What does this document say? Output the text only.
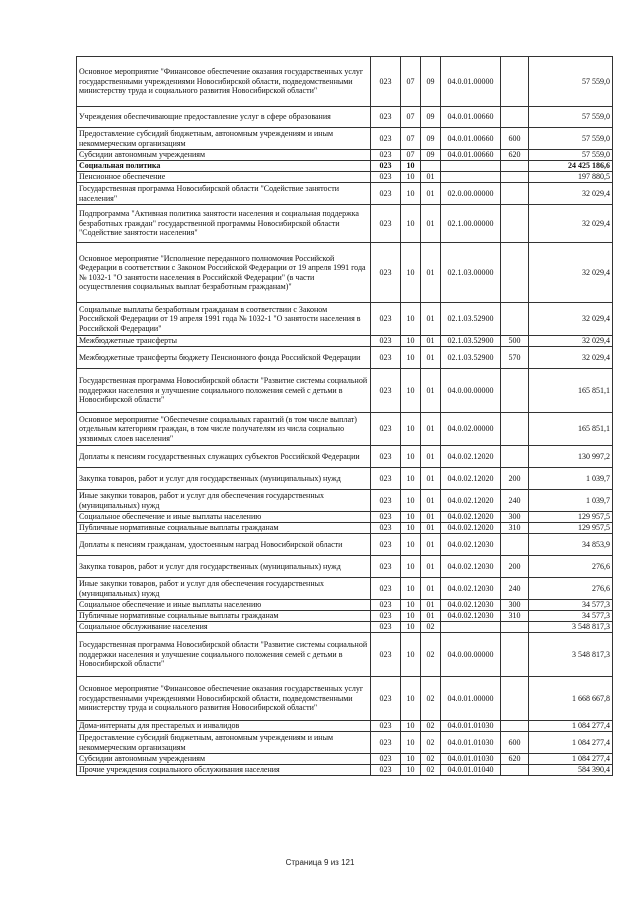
Основное мероприятие "Финансовое обеспечение оказания государственных услуг государственными учреждениями Новосибирской области, подведомственными министерству труда и социального развития Новосибирской области"	023	07	09	04.0.01.00000		57 559,0
Учреждения обеспечивающие предоставление услуг в сфере образования	023	07	09	04.0.01.00660		57 559,0
Предоставление субсидий бюджетным, автономным учреждениям и иным некоммерческим организациям	023	07	09	04.0.01.00660	600	57 559,0
Субсидии автономным учреждениям	023	07	09	04.0.01.00660	620	57 559,0
Социальная политика	023	10				24 425 186,6
Пенсионное обеспечение	023	10	01			197 880,5
Государственная программа Новосибирской области "Содействие занятости населения"	023	10	01	02.0.00.00000		32 029,4
Подпрограмма "Активная политика занятости населения и социальная поддержка безработных граждан" государственной программы Новосибирской области "Содействие занятости населения"	023	10	01	02.1.00.00000		32 029,4
Основное мероприятие "Исполнение переданного полномочия Российской Федерации в соответствии с Законом Российской Федерации от 19 апреля 1991 года № 1032-1 "О занятости населения в Российской Федерации" (в части осуществления социальных выплат безработным гражданам)"	023	10	01	02.1.03.00000		32 029,4
Социальные выплаты безработным гражданам в соответствии с Законом Российской Федерации от 19 апреля 1991 года № 1032-1 "О занятости населения в Российской Федерации"	023	10	01	02.1.03.52900		32 029,4
Межбюджетные трансферты	023	10	01	02.1.03.52900	500	32 029,4
Межбюджетные трансферты бюджету Пенсионного фонда Российской Федерации	023	10	01	02.1.03.52900	570	32 029,4
Государственная программа Новосибирской области "Развитие системы социальной поддержки населения и улучшение социального положения семей с детьми в Новосибирской области"	023	10	01	04.0.00.00000		165 851,1
Основное мероприятие "Обеспечение социальных гарантий (в том числе выплат) отдельным категориям граждан, в том числе получателям из числа социально уязвимых слоев населения"	023	10	01	04.0.02.00000		165 851,1
Доплаты к пенсиям государственных служащих субъектов Российской Федерации	023	10	01	04.0.02.12020		130 997,2
Закупка товаров, работ и услуг для государственных (муниципальных) нужд	023	10	01	04.0.02.12020	200	1 039,7
Иные закупки товаров, работ и услуг для обеспечения государственных (муниципальных) нужд	023	10	01	04.0.02.12020	240	1 039,7
Социальное обеспечение и иные выплаты населению	023	10	01	04.0.02.12020	300	129 957,5
Публичные нормативные социальные выплаты гражданам	023	10	01	04.0.02.12020	310	129 957,5
Доплаты к пенсиям гражданам, удостоенным наград Новосибирской области	023	10	01	04.0.02.12030		34 853,9
Закупка товаров, работ и услуг для государственных (муниципальных) нужд	023	10	01	04.0.02.12030	200	276,6
Иные закупки товаров, работ и услуг для обеспечения государственных (муниципальных) нужд	023	10	01	04.0.02.12030	240	276,6
Социальное обеспечение и иные выплаты населению	023	10	01	04.0.02.12030	300	34 577,3
Публичные нормативные социальные выплаты гражданам	023	10	01	04.0.02.12030	310	34 577,3
Социальное обслуживание населения	023	10	02			3 548 817,3
Государственная программа Новосибирской области "Развитие системы социальной поддержки населения и улучшение социального положения семей с детьми в Новосибирской области"	023	10	02	04.0.00.00000		3 548 817,3
Основное мероприятие "Финансовое обеспечение оказания государственных услуг государственными учреждениями Новосибирской области, подведомственными министерству труда и социального развития Новосибирской области"	023	10	02	04.0.01.00000		1 668 667,8
Дома-интернаты для престарелых и инвалидов	023	10	02	04.0.01.01030		1 084 277,4
Предоставление субсидий бюджетным, автономным учреждениям и иным некоммерческим организациям	023	10	02	04.0.01.01030	600	1 084 277,4
Субсидии автономным учреждениям	023	10	02	04.0.01.01030	620	1 084 277,4
Прочие учреждения социального обслуживания населения	023	10	02	04.0.01.01040		584 390,4
Страница 9 из 121
